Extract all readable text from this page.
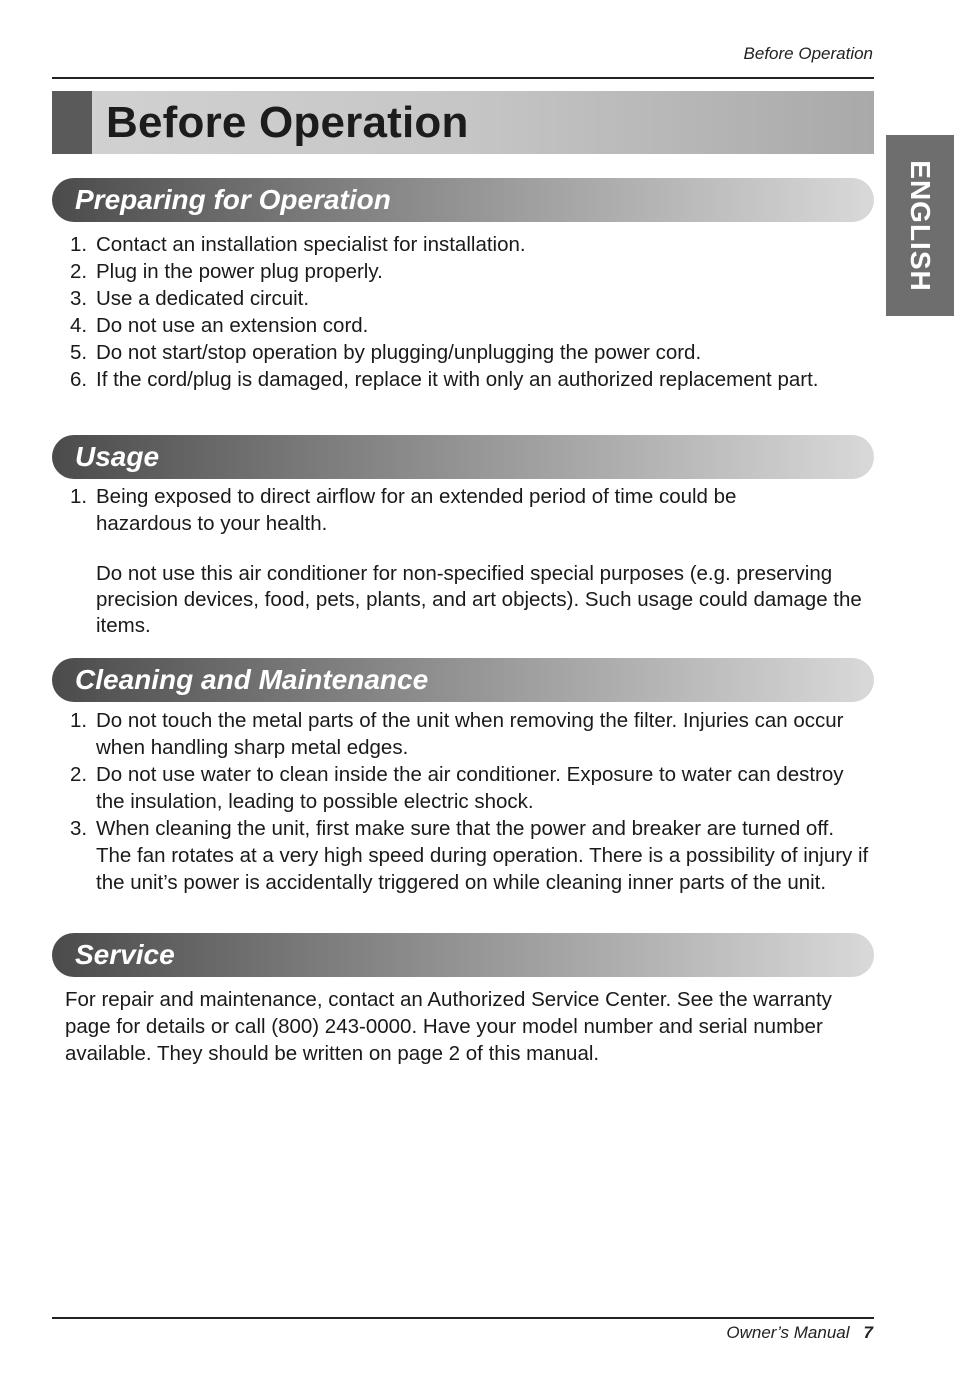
Before Operation
Before Operation
ENGLISH
Preparing for Operation
1. Contact an installation specialist for installation.
2. Plug in the power plug properly.
3. Use a dedicated circuit.
4. Do not use an extension cord.
5. Do not start/stop operation by plugging/unplugging the power cord.
6. If the cord/plug is damaged, replace it with only an authorized replacement part.
Usage
1. Being exposed to direct airflow for an extended period of time could be hazardous to your health.

Do not use this air conditioner for non-specified special purposes (e.g. preserving precision devices, food, pets, plants, and art objects). Such usage could damage the items.

Cleaning and Maintenance
1. Do not touch the metal parts of the unit when removing the filter. Injuries can occur when handling sharp metal edges.
2. Do not use water to clean inside the air conditioner. Exposure to water can destroy the insulation, leading to possible electric shock.
3. When cleaning the unit, first make sure that the power and breaker are turned off. The fan rotates at a very high speed during operation. There is a possibility of injury if the unit’s power is accidentally triggered on while cleaning inner parts of the unit.
Service

For repair and maintenance, contact an Authorized Service Center. See the warranty page for details or call (800) 243-0000. Have your model number and serial number available. They should be written on page 2 of this manual.

Owner’s Manual 7
